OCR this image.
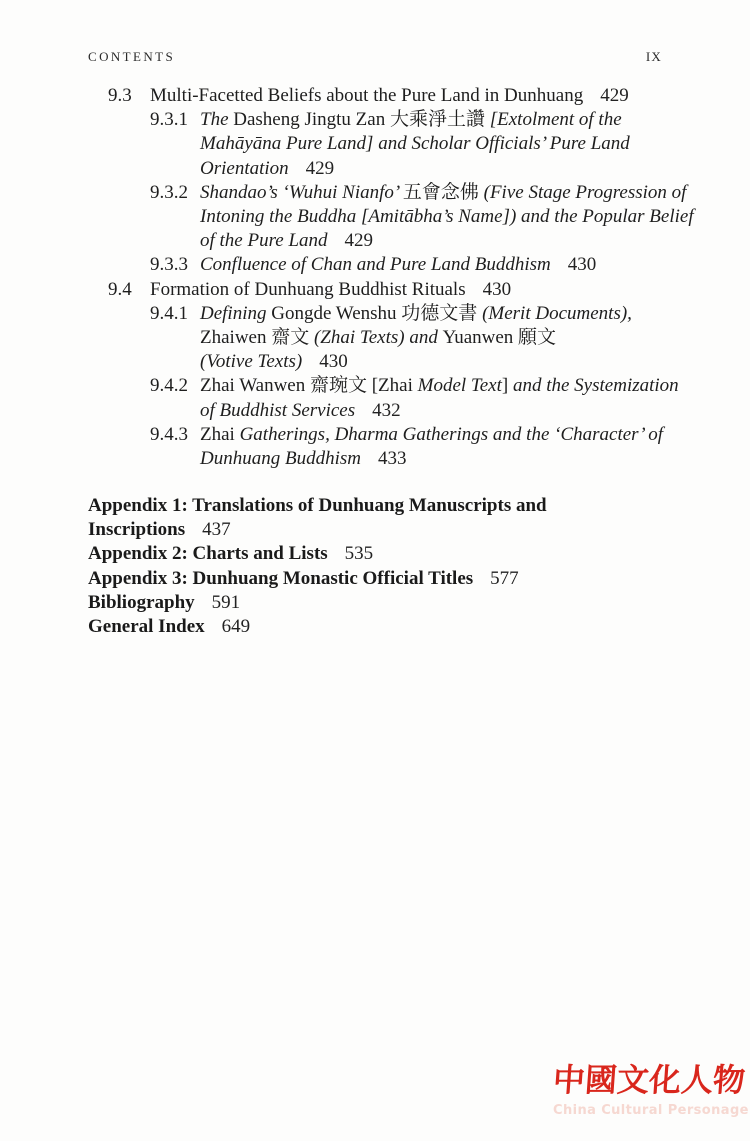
CONTENTS	IX
9.3 Multi-Facetted Beliefs about the Pure Land in Dunhuang 429
9.3.1 The Dasheng Jingtu Zan 大乘淨土讚 [Extolment of the
Mahāyāna Pure Land] and Scholar Officials’ Pure Land
Orientation 429
9.3.2 Shandao’s ‘Wuhui Nianfo’ 五會念佛 (Five Stage Progression of
Intoning the Buddha [Amitābha’s Name]) and the Popular Belief
of the Pure Land 429
9.3.3 Confluence of Chan and Pure Land Buddhism 430
9.4 Formation of Dunhuang Buddhist Rituals 430
9.4.1 Defining Gongde Wenshu 功德文書 (Merit Documents),
Zhaiwen 齋文 (Zhai Texts) and Yuanwen 願文
(Votive Texts) 430
9.4.2 Zhai Wanwen 齋琬文 [Zhai Model Text] and the Systemization
of Buddhist Services 432
9.4.3 Zhai Gatherings, Dharma Gatherings and the ‘Character’ of
Dunhuang Buddhism 433
Appendix 1: Translations of Dunhuang Manuscripts and
Inscriptions 437
Appendix 2: Charts and Lists 535
Appendix 3: Dunhuang Monastic Official Titles 577
Bibliography 591
General Index 649
中國文化人物
China Cultural Personage
